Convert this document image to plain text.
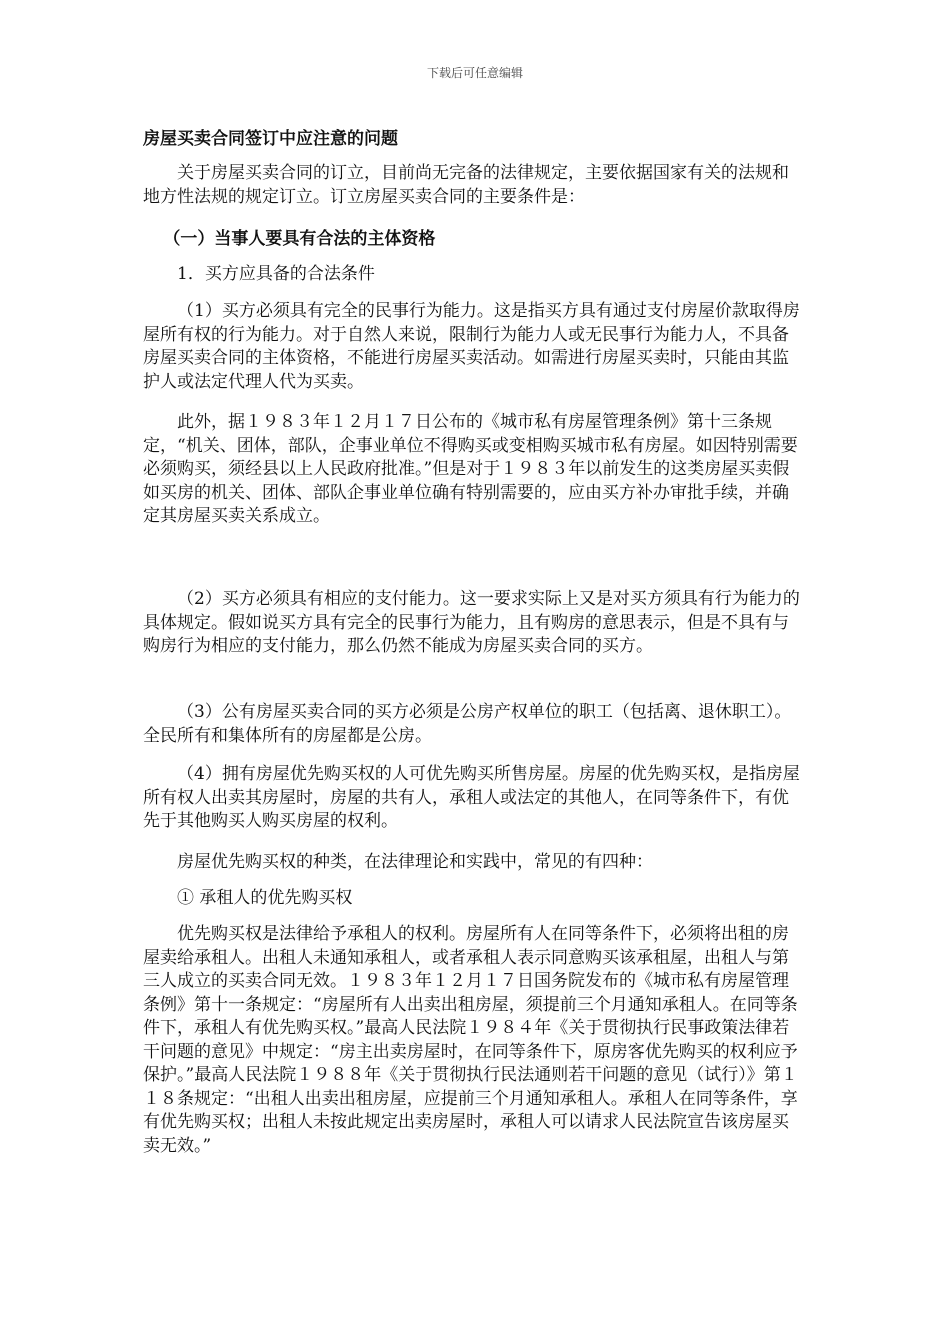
下载后可任意编辑
房屋买卖合同签订中应注意的问题

关于房屋买卖合同的订立，目前尚无完备的法律规定，主要依据国家有关的法规和地方性法规的规定订立。订立房屋买卖合同的主要条件是：

（一）当事人要具有合法的主体资格

1．买方应具备的合法条件

（1）买方必须具有完全的民事行为能力。这是指买方具有通过支付房屋价款取得房屋所有权的行为能力。对于自然人来说，限制行为能力人或无民事行为能力人，不具备房屋买卖合同的主体资格，不能进行房屋买卖活动。如需进行房屋买卖时，只能由其监护人或法定代理人代为买卖。

此外，据１９８３年１２月１７日公布的《城市私有房屋管理条例》第十三条规定，“机关、团体，部队，企事业单位不得购买或变相购买城市私有房屋。如因特别需要必须购买，须经县以上人民政府批准。”但是对于１９８３年以前发生的这类房屋买卖假如买房的机关、团体、部队企事业单位确有特别需要的，应由买方补办审批手续，并确定其房屋买卖关系成立。

（2）买方必须具有相应的支付能力。这一要求实际上又是对买方须具有行为能力的具体规定。假如说买方具有完全的民事行为能力，且有购房的意思表示，但是不具有与购房行为相应的支付能力，那么仍然不能成为房屋买卖合同的买方。

（3）公有房屋买卖合同的买方必须是公房产权单位的职工（包括离、退休职工）。全民所有和集体所有的房屋都是公房。

（4）拥有房屋优先购买权的人可优先购买所售房屋。房屋的优先购买权，是指房屋所有权人出卖其房屋时，房屋的共有人，承租人或法定的其他人，在同等条件下，有优先于其他购买人购买房屋的权利。

房屋优先购买权的种类，在法律理论和实践中，常见的有四种：

① 承租人的优先购买权

优先购买权是法律给予承租人的权利。房屋所有人在同等条件下，必须将出租的房屋卖给承租人。出租人未通知承租人，或者承租人表示同意购买该承租屋，出租人与第三人成立的买卖合同无效。１９８３年１２月１７日国务院发布的《城市私有房屋管理条例》第十一条规定：“房屋所有人出卖出租房屋，须提前三个月通知承租人。在同等条件下，承租人有优先购买权。”最高人民法院１９８４年《关于贯彻执行民事政策法律若干问题的意见》中规定：“房主出卖房屋时，在同等条件下，原房客优先购买的权利应予保护。”最高人民法院１９８８年《关于贯彻执行民法通则若干问题的意见（试行）》第１１８条规定：“出租人出卖出租房屋，应提前三个月通知承租人。承租人在同等条件，享有优先购买权；出租人未按此规定出卖房屋时，承租人可以请求人民法院宣告该房屋买卖无效。”
